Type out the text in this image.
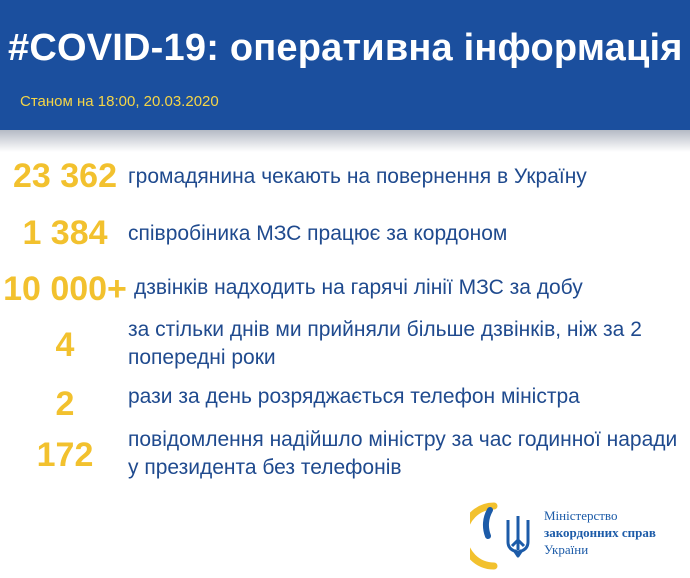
#COVID-19: оперативна інформація
Станом на 18:00, 20.03.2020
23 362 громадянина чекають на повернення в Україну
1 384 співробіника МЗС працює за кордоном
10 000+ дзвінків надходить на гарячі лінії МЗС за добу
4	за стільки днів ми прийняли більше дзвінків, ніж за 2 попередні роки
2	рази за день розряджається телефон міністра
172	повідомлення надійшло міністру за час годинної наради у президента без телефонів
Міністерство
закордонних справ
України
